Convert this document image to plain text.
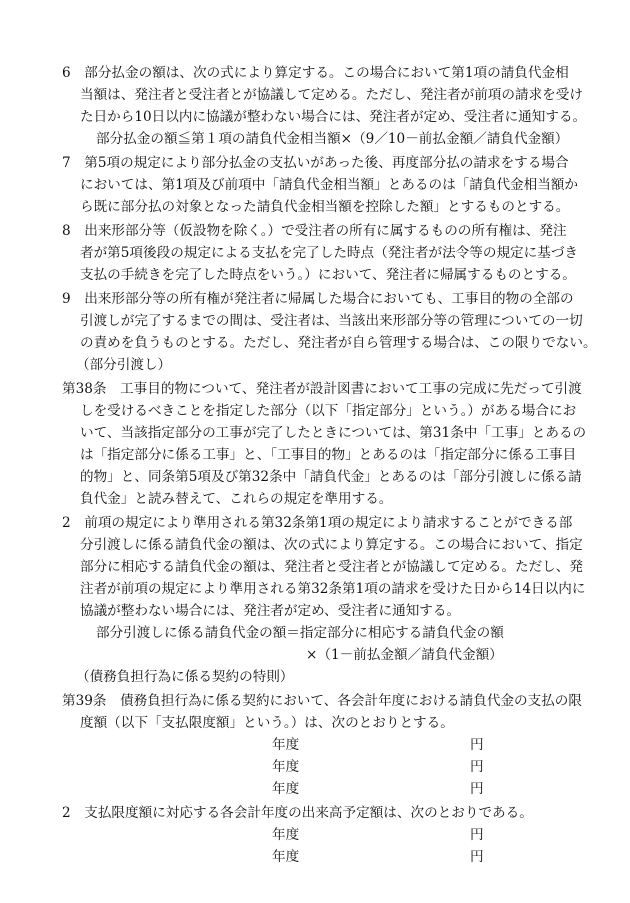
6　部分払金の額は、次の式により算定する。この場合において第1項の請負代金相
当額は、発注者と受注者とが協議して定める。ただし、発注者が前項の請求を受け
た日から10日以内に協議が整わない場合には、発注者が定め、受注者に通知する。
部分払金の額≦第１項の請負代金相当額×（9／10－前払金額／請負代金額）
7　第5項の規定により部分払金の支払いがあった後、再度部分払の請求をする場合
においては、第1項及び前項中「請負代金相当額」とあるのは「請負代金相当額か
ら既に部分払の対象となった請負代金相当額を控除した額」とするものとする。
8　出来形部分等（仮設物を除く。）で受注者の所有に属するものの所有権は、発注
者が第5項後段の規定による支払を完了した時点（発注者が法令等の規定に基づき
支払の手続きを完了した時点をいう。）において、発注者に帰属するものとする。
9　出来形部分等の所有権が発注者に帰属した場合においても、工事目的物の全部の
引渡しが完了するまでの間は、受注者は、当該出来形部分等の管理についての一切
の責めを負うものとする。ただし、発注者が自ら管理する場合は、この限りでない。
（部分引渡し）
第38条　工事目的物について、発注者が設計図書において工事の完成に先だって引渡
しを受けるべきことを指定した部分（以下「指定部分」という。）がある場合にお
いて、当該指定部分の工事が完了したときについては、第31条中「工事」とあるの
は「指定部分に係る工事」と、「工事目的物」とあるのは「指定部分に係る工事目
的物」と、同条第5項及び第32条中「請負代金」とあるのは「部分引渡しに係る請
負代金」と読み替えて、これらの規定を準用する。
2　前項の規定により準用される第32条第1項の規定により請求することができる部
分引渡しに係る請負代金の額は、次の式により算定する。この場合において、指定
部分に相応する請負代金の額は、発注者と受注者とが協議して定める。ただし、発
注者が前項の規定により準用される第32条第1項の請求を受けた日から14日以内に
協議が整わない場合には、発注者が定め、受注者に通知する。
部分引渡しに係る請負代金の額＝指定部分に相応する請負代金の額
×（1－前払金額／請負代金額）
（債務負担行為に係る契約の特則）
第39条　債務負担行為に係る契約において、各会計年度における請負代金の支払の限
度額（以下「支払限度額」という。）は、次のとおりとする。
年度	円
年度	円
年度	円
2　支払限度額に対応する各会計年度の出来高予定額は、次のとおりである。
年度	円
年度	円
